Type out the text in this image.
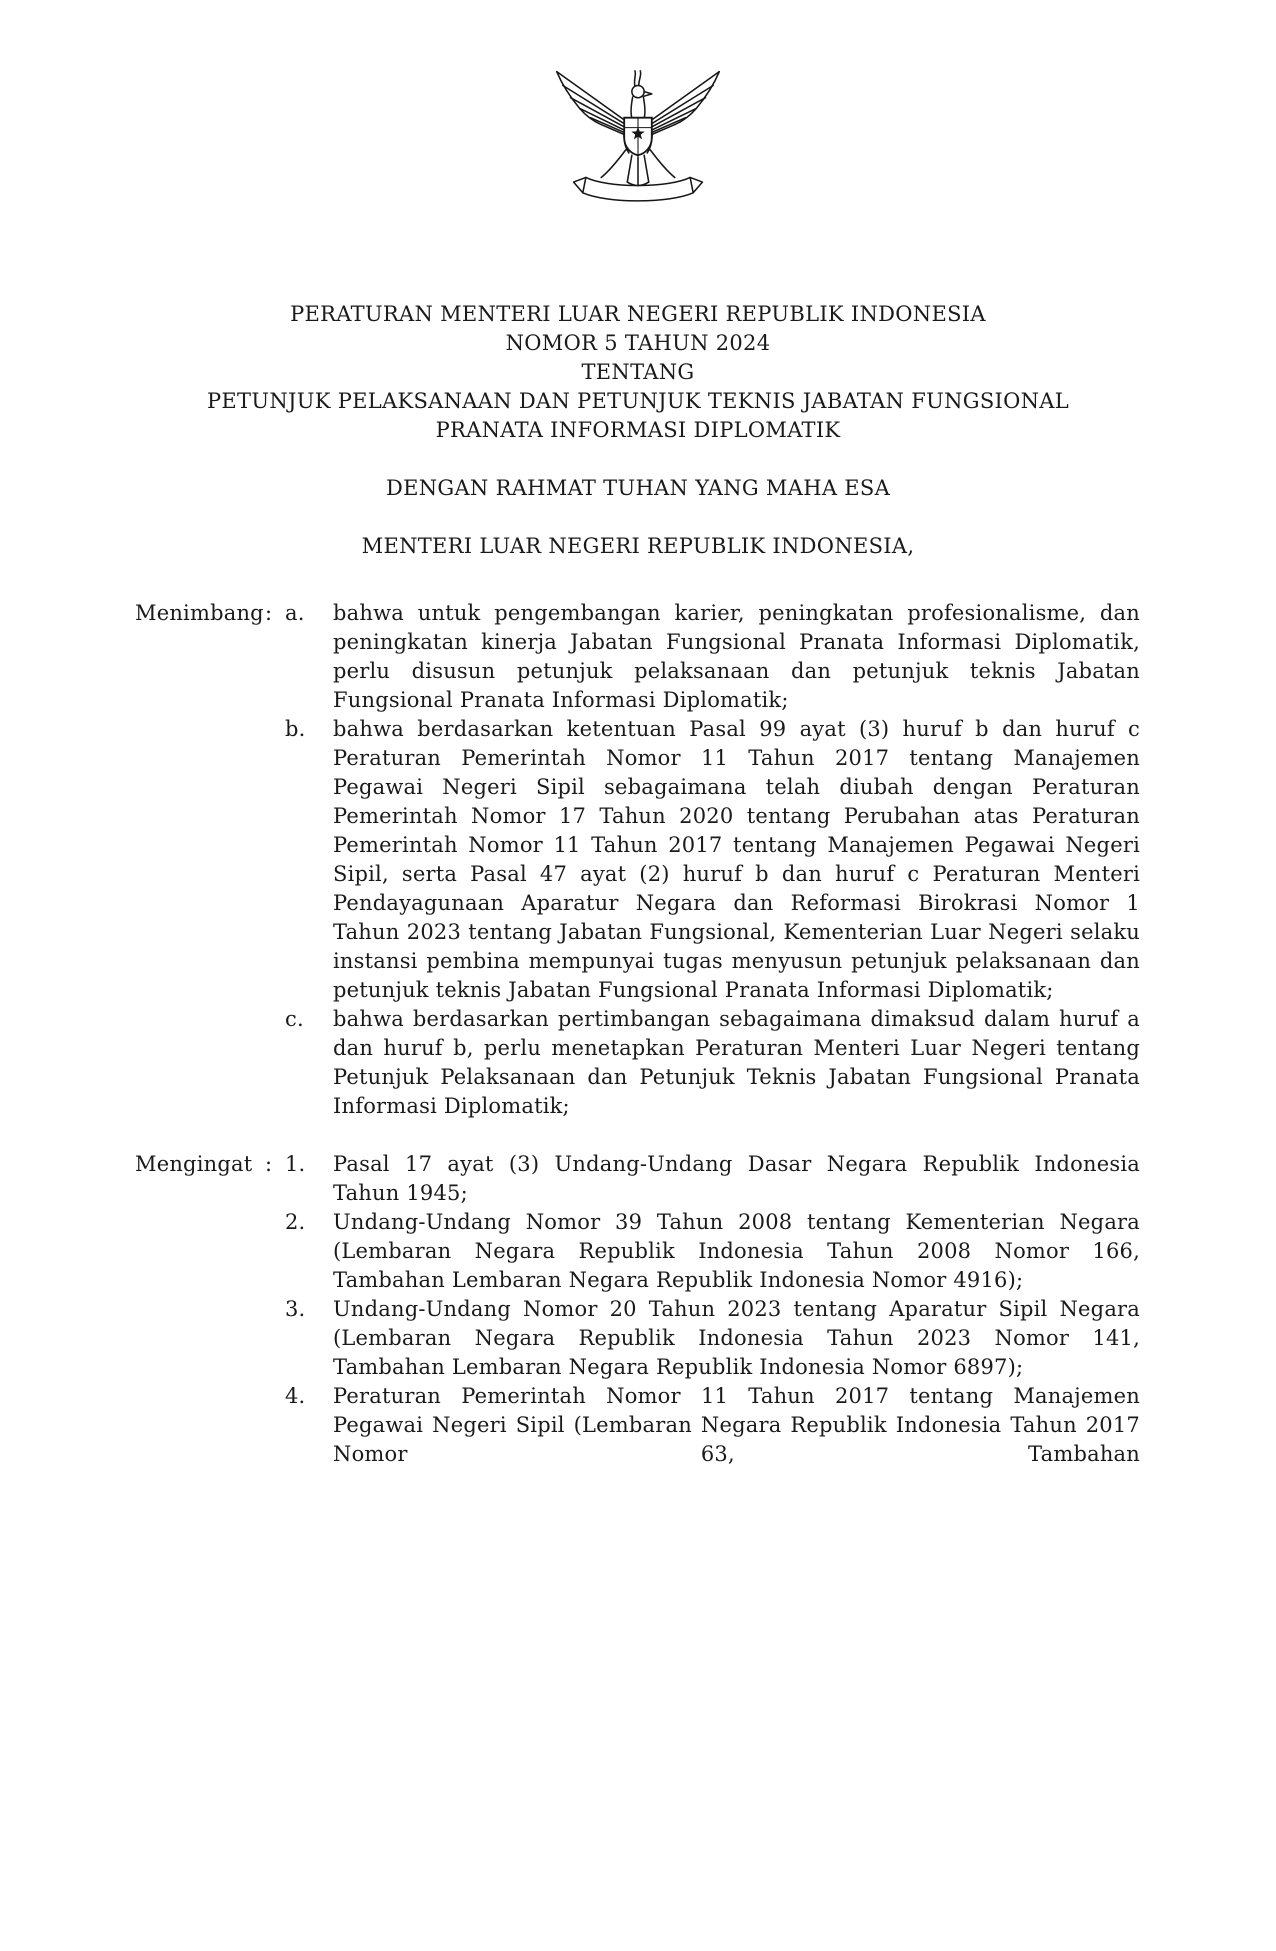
PERATURAN MENTERI LUAR NEGERI REPUBLIK INDONESIA
NOMOR 5 TAHUN 2024
TENTANG
PETUNJUK PELAKSANAAN DAN PETUNJUK TEKNIS JABATAN FUNGSIONAL
PRANATA INFORMASI DIPLOMATIK
DENGAN RAHMAT TUHAN YANG MAHA ESA
MENTERI LUAR NEGERI REPUBLIK INDONESIA,
Menimbang : a.	bahwa untuk pengembangan karier, peningkatan profesionalisme, dan peningkatan kinerja Jabatan Fungsional Pranata Informasi Diplomatik, perlu disusun petunjuk pelaksanaan dan petunjuk teknis Jabatan Fungsional Pranata Informasi Diplomatik;
b.	bahwa berdasarkan ketentuan Pasal 99 ayat (3) huruf b dan huruf c Peraturan Pemerintah Nomor 11 Tahun 2017 tentang Manajemen Pegawai Negeri Sipil sebagaimana telah diubah dengan Peraturan Pemerintah Nomor 17 Tahun 2020 tentang Perubahan atas Peraturan Pemerintah Nomor 11 Tahun 2017 tentang Manajemen Pegawai Negeri Sipil, serta Pasal 47 ayat (2) huruf b dan huruf c Peraturan Menteri Pendayagunaan Aparatur Negara dan Reformasi Birokrasi Nomor 1 Tahun 2023 tentang Jabatan Fungsional, Kementerian Luar Negeri selaku instansi pembina mempunyai tugas menyusun petunjuk pelaksanaan dan petunjuk teknis Jabatan Fungsional Pranata Informasi Diplomatik;
c.	bahwa berdasarkan pertimbangan sebagaimana dimaksud dalam huruf a dan huruf b, perlu menetapkan Peraturan Menteri Luar Negeri tentang Petunjuk Pelaksanaan dan Petunjuk Teknis Jabatan Fungsional Pranata Informasi Diplomatik;
Mengingat : 1.	Pasal 17 ayat (3) Undang-Undang Dasar Negara Republik Indonesia Tahun 1945;
2.	Undang-Undang Nomor 39 Tahun 2008 tentang Kementerian Negara (Lembaran Negara Republik Indonesia Tahun 2008 Nomor 166, Tambahan Lembaran Negara Republik Indonesia Nomor 4916);
3.	Undang-Undang Nomor 20 Tahun 2023 tentang Aparatur Sipil Negara (Lembaran Negara Republik Indonesia Tahun 2023 Nomor 141, Tambahan Lembaran Negara Republik Indonesia Nomor 6897);
4.	Peraturan Pemerintah Nomor 11 Tahun 2017 tentang Manajemen Pegawai Negeri Sipil (Lembaran Negara Republik Indonesia Tahun 2017 Nomor 63, Tambahan
